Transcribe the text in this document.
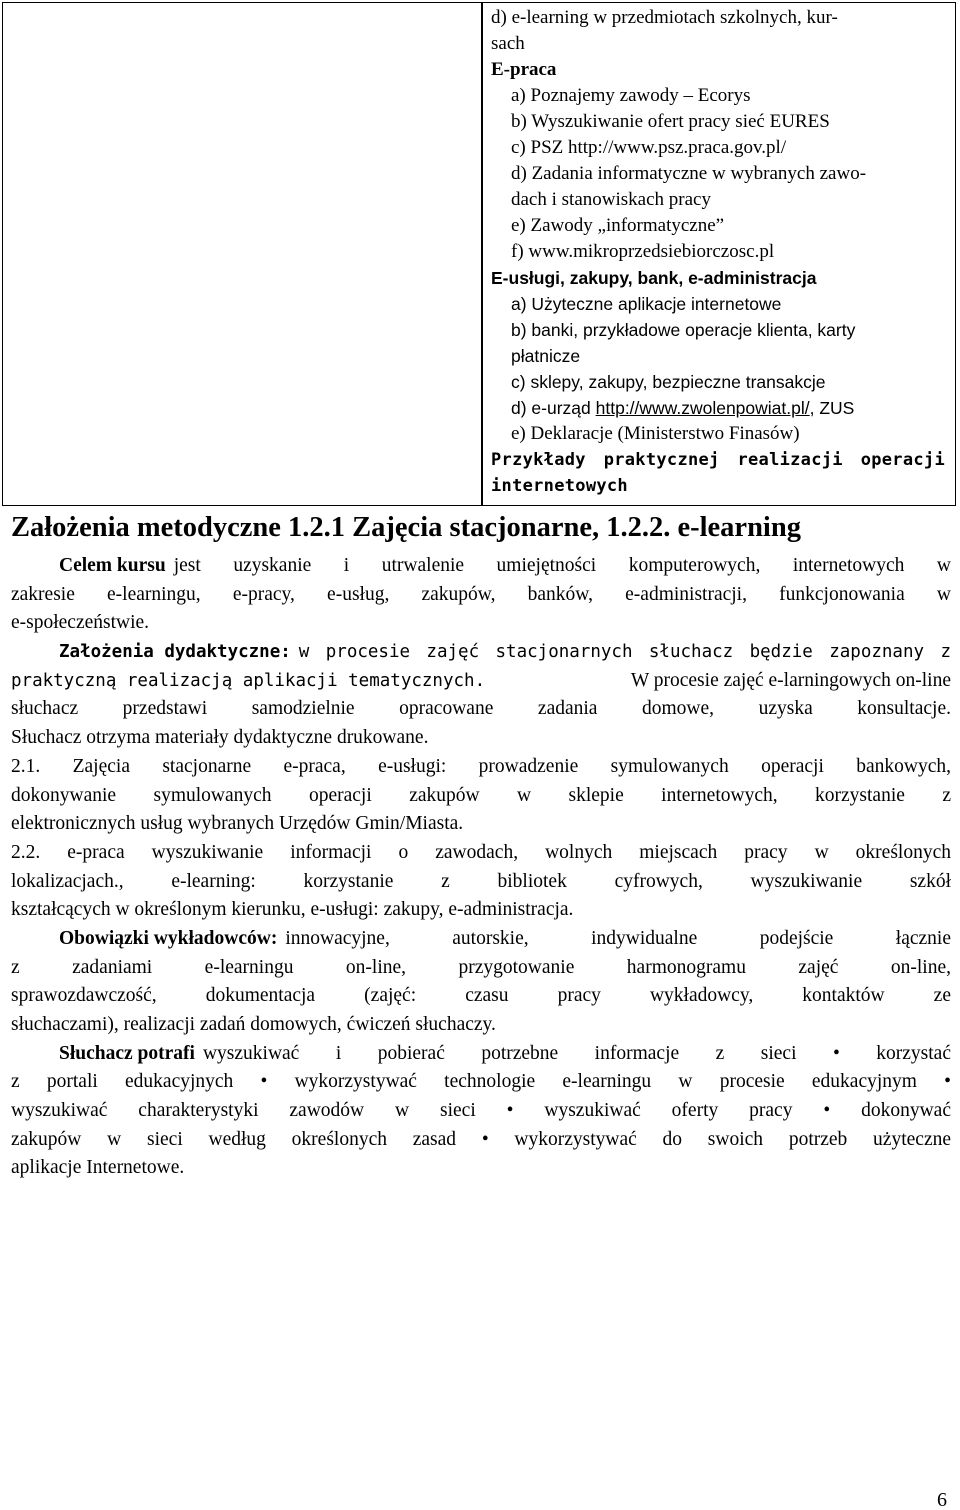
d) e-learning w przedmiotach szkolnych, kur-
sach
E-praca
a) Poznajemy zawody – Ecorys
b) Wyszukiwanie ofert pracy sieć EURES
c) PSZ http://www.psz.praca.gov.pl/
d) Zadania informatyczne w wybranych zawo-
dach i stanowiskach pracy
e) Zawody „informatyczne”
f) www.mikroprzedsiebiorczosc.pl
E-usługi, zakupy, bank, e-administracja
a) Użyteczne aplikacje internetowe
b) banki, przykładowe operacje klienta, karty
płatnicze
c) sklepy, zakupy, bezpieczne transakcje
d) e-urząd http://www.zwolenpowiat.pl/, ZUS
e) Deklaracje (Ministerstwo Finasów)
Przykłady praktycznej realizacji operacji
internetowych
Założenia metodyczne 1.2.1 Zajęcia stacjonarne, 1.2.2. e-learning
Celem kursu jest uzyskanie i utrwalenie umiejętności komputerowych, internetowych w
zakresie e-learningu, e-pracy, e-usług, zakupów, banków, e-administracji, funkcjonowania w
e-społeczeństwie.
Założenia dydaktyczne: w procesie zajęć stacjonarnych słuchacz będzie zapoznany z
praktyczną realizacją aplikacji tematycznych.	W procesie zajęć e-larningowych on-line
słuchacz przedstawi samodzielnie opracowane zadania domowe, uzyska konsultacje.
Słuchacz otrzyma materiały dydaktyczne drukowane.
2.1. Zajęcia stacjonarne e-praca, e-usługi: prowadzenie symulowanych operacji bankowych,
dokonywanie symulowanych operacji zakupów w sklepie internetowych, korzystanie z
elektronicznych usług wybranych Urzędów Gmin/Miasta.
2.2. e-praca wyszukiwanie informacji o zawodach, wolnych miejscach pracy w określonych
lokalizacjach., e-learning: korzystanie z bibliotek cyfrowych, wyszukiwanie szkół
kształcących w określonym kierunku, e-usługi: zakupy, e-administracja.
Obowiązki wykładowców: innowacyjne, autorskie, indywidualne podejście łącznie
z zadaniami e-learningu on-line, przygotowanie harmonogramu zajęć on-line,
sprawozdawczość, dokumentacja (zajęć: czasu pracy wykładowcy, kontaktów ze
słuchaczami), realizacji zadań domowych, ćwiczeń słuchaczy.
Słuchacz potrafi wyszukiwać i pobierać potrzebne informacje z sieci • korzystać
z portali edukacyjnych • wykorzystywać technologie e-learningu w procesie edukacyjnym •
wyszukiwać charakterystyki zawodów w sieci • wyszukiwać oferty pracy • dokonywać
zakupów w sieci według określonych zasad • wykorzystywać do swoich potrzeb użyteczne
aplikacje Internetowe.
6
